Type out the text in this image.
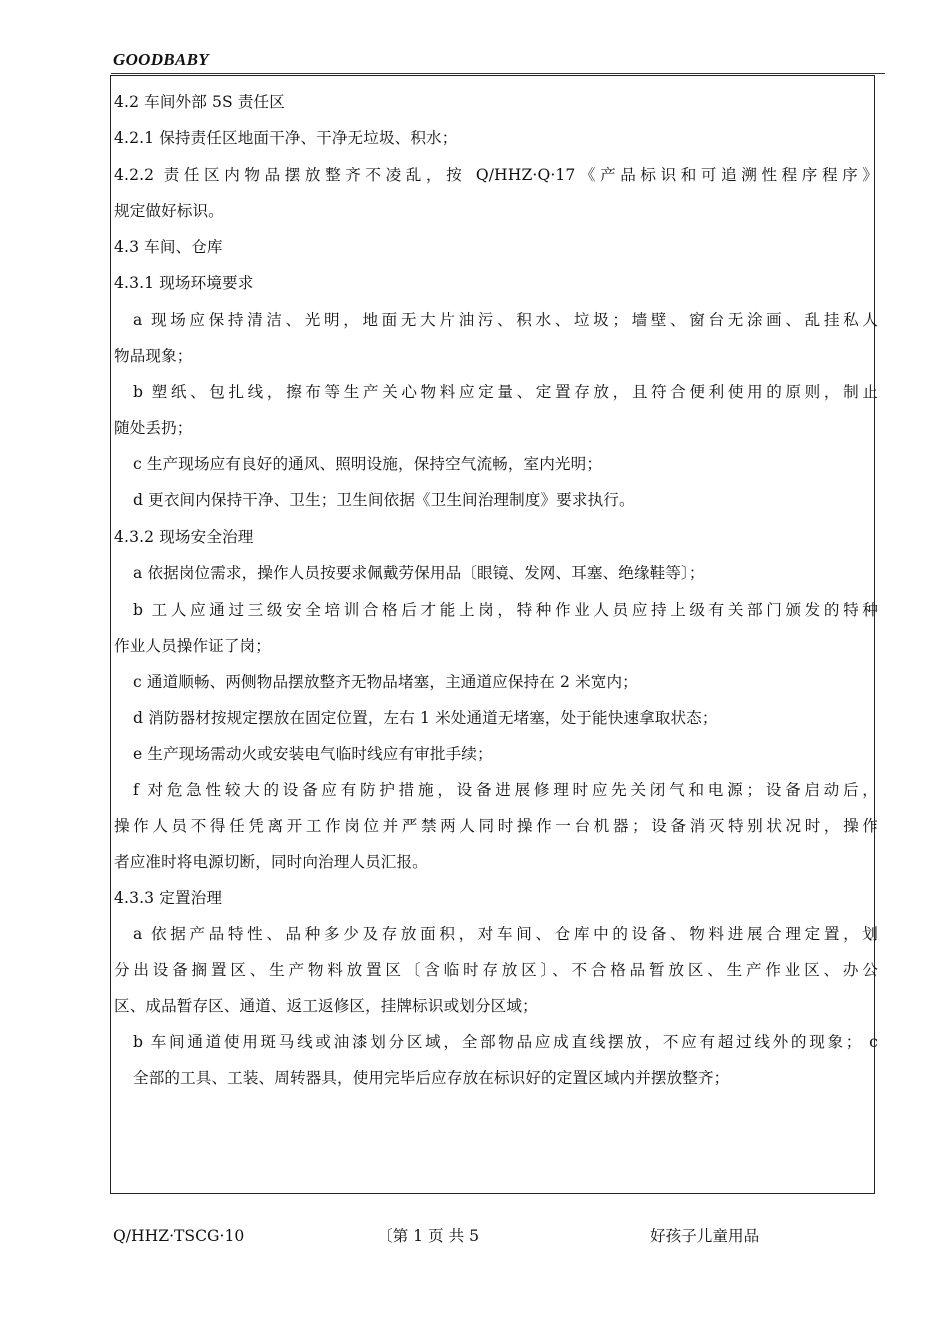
GOODBABY
4.2 车间外部 5S 责任区
4.2.1 保持责任区地面干净、干净无垃圾、积水；
4.2.2 责任区内物品摆放整齐不凌乱，按 Q/HHZ·Q·17《产品标识和可追溯性程序程序》
规定做好标识。
4.3 车间、仓库
4.3.1 现场环境要求
a 现场应保持清洁、光明，地面无大片油污、积水、垃圾；墙壁、窗台无涂画、乱挂私人
物品现象；
b 塑纸、包扎线，擦布等生产关心物料应定量、定置存放，且符合便利使用的原则，制止
随处丢扔；
c 生产现场应有良好的通风、照明设施，保持空气流畅，室内光明；
d 更衣间内保持干净、卫生；卫生间依据《卫生间治理制度》要求执行。
4.3.2 现场安全治理
a 依据岗位需求，操作人员按要求佩戴劳保用品〔眼镜、发网、耳塞、绝缘鞋等〕；
b 工人应通过三级安全培训合格后才能上岗，特种作业人员应持上级有关部门颁发的特种
作业人员操作证了岗；
c 通道顺畅、两侧物品摆放整齐无物品堵塞，主通道应保持在 2 米宽内；
d 消防器材按规定摆放在固定位置，左右 1 米处通道无堵塞，处于能快速拿取状态；
e 生产现场需动火或安装电气临时线应有审批手续；
f 对危急性较大的设备应有防护措施，设备进展修理时应先关闭气和电源；设备启动后，
操作人员不得任凭离开工作岗位并严禁两人同时操作一台机器；设备消灭特别状况时，操作
者应准时将电源切断，同时向治理人员汇报。
4.3.3 定置治理
a 依据产品特性、品种多少及存放面积，对车间、仓库中的设备、物料进展合理定置，划
分出设备搁置区、生产物料放置区〔含临时存放区〕、不合格品暂放区、生产作业区、办公
区、成品暂存区、通道、返工返修区，挂牌标识或划分区域；
b 车间通道使用斑马线或油漆划分区域，全部物品应成直线摆放，不应有超过线外的现象； c
全部的工具、工装、周转器具，使用完毕后应存放在标识好的定置区域内并摆放整齐；
Q/HHZ·TSCG·10	〔第 1 页 共 5	好孩子儿童用品
